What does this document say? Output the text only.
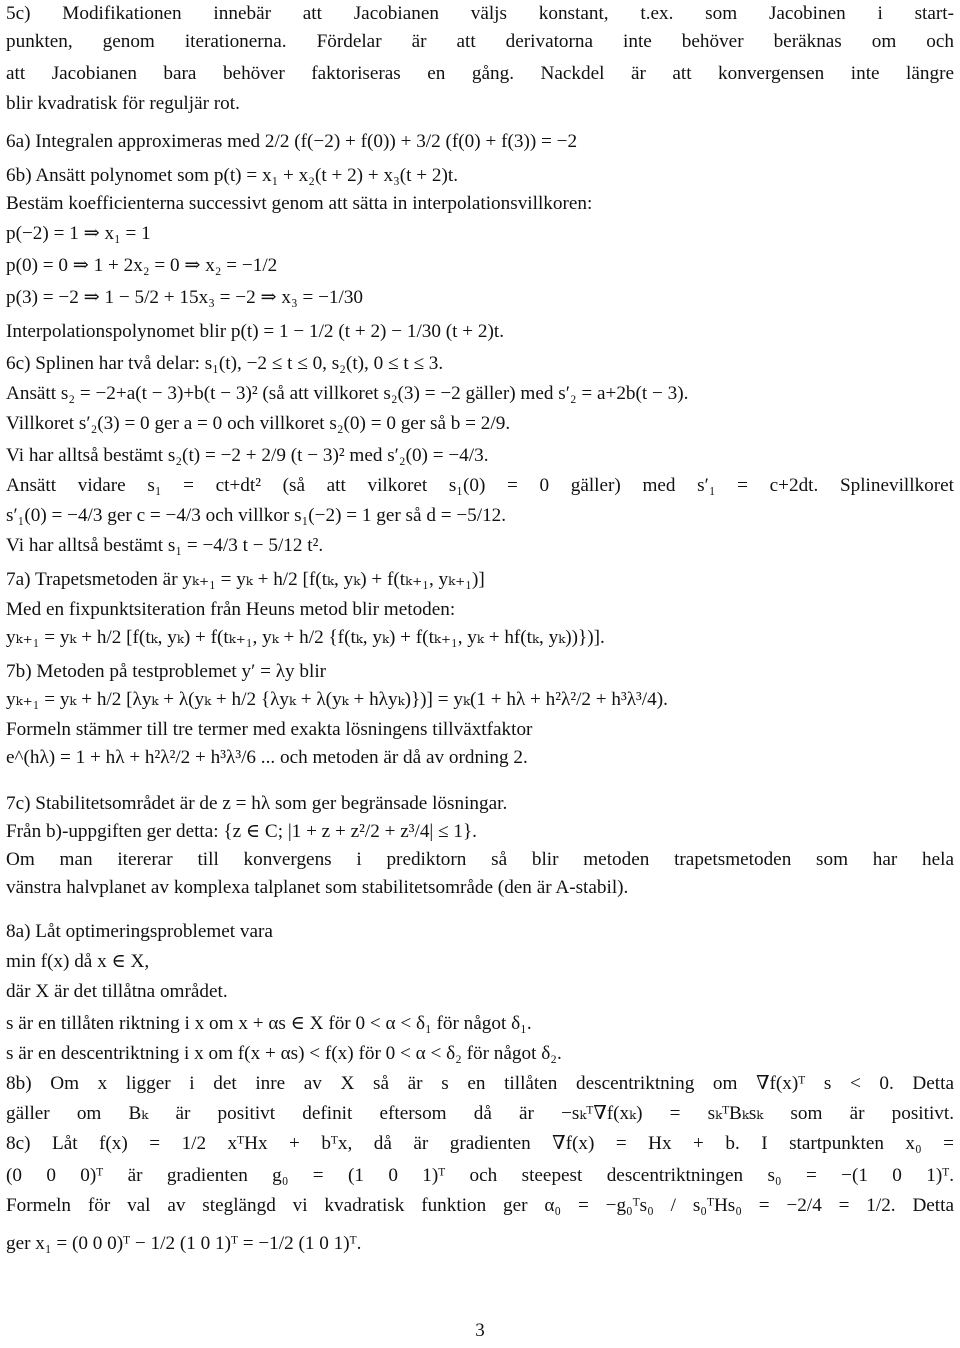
5c) Modifikationen innebär att Jacobianen väljs konstant, t.ex. som Jacobinen i start-
punkten, genom iterationerna. Fördelar är att derivatorna inte behöver beräknas om och
att Jacobianen bara behöver faktoriseras en gång. Nackdel är att konvergensen inte längre
blir kvadratisk för reguljär rot.
6a) Integralen approximeras med 2/2 (f(−2) + f(0)) + 3/2 (f(0) + f(3)) = −2
6b) Ansätt polynomet som p(t) = x₁ + x₂(t + 2) + x₃(t + 2)t.
Bestäm koefficienterna successivt genom att sätta in interpolationsvillkoren:
p(−2) = 1 ⇒ x₁ = 1
p(0) = 0 ⇒ 1 + 2x₂ = 0 ⇒ x₂ = −1/2
p(3) = −2 ⇒ 1 − 5/2 + 15x₃ = −2 ⇒ x₃ = −1/30
Interpolationspolynomet blir p(t) = 1 − 1/2 (t + 2) − 1/30 (t + 2)t.
6c) Splinen har två delar: s₁(t), −2 ≤ t ≤ 0, s₂(t), 0 ≤ t ≤ 3.
Ansätt s₂ = −2+a(t − 3)+b(t − 3)² (så att villkoret s₂(3) = −2 gäller) med s′₂ = a+2b(t − 3).
Villkoret s′₂(3) = 0 ger a = 0 och villkoret s₂(0) = 0 ger så b = 2/9.
Vi har alltså bestämt s₂(t) = −2 + 2/9 (t − 3)² med s′₂(0) = −4/3.
Ansätt vidare s₁ = ct+dt² (så att vilkoret s₁(0) = 0 gäller) med s′₁ = c+2dt. Splinevillkoret
s′₁(0) = −4/3 ger c = −4/3 och villkor s₁(−2) = 1 ger så d = −5/12.
Vi har alltså bestämt s₁ = −4/3 t − 5/12 t².
7a) Trapetsmetoden är yₖ₊₁ = yₖ + h/2 [f(tₖ, yₖ) + f(tₖ₊₁, yₖ₊₁)]
Med en fixpunktsiteration från Heuns metod blir metoden:
yₖ₊₁ = yₖ + h/2 [f(tₖ, yₖ) + f(tₖ₊₁, yₖ + h/2 {f(tₖ, yₖ) + f(tₖ₊₁, yₖ + hf(tₖ, yₖ))})].
7b) Metoden på testproblemet y′ = λy blir
yₖ₊₁ = yₖ + h/2 [λyₖ + λ(yₖ + h/2 {λyₖ + λ(yₖ + hλyₖ)})] = yₖ(1 + hλ + h²λ²/2 + h³λ³/4).
Formeln stämmer till tre termer med exakta lösningens tillväxtfaktor
e^(hλ) = 1 + hλ + h²λ²/2 + h³λ³/6 ... och metoden är då av ordning 2.
7c) Stabilitetsområdet är de z = hλ som ger begränsade lösningar.
Från b)-uppgiften ger detta: {z ∈ C; |1 + z + z²/2 + z³/4| ≤ 1}.
Om man itererar till konvergens i prediktorn så blir metoden trapetsmetoden som har hela
vänstra halvplanet av komplexa talplanet som stabilitetsområde (den är A-stabil).
8a) Låt optimeringsproblemet vara
min f(x) då x ∈ X,
där X är det tillåtna området.
s är en tillåten riktning i x om x + αs ∈ X för 0 < α < δ₁ för något δ₁.
s är en descentriktning i x om f(x + αs) < f(x) för 0 < α < δ₂ för något δ₂.
8b) Om x ligger i det inre av X så är s en tillåten descentriktning om ∇f(x)ᵀ s < 0. Detta
gäller om Bₖ är positivt definit eftersom då är −sₖᵀ∇f(xₖ) = sₖᵀBₖsₖ som är positivt.
8c) Låt f(x) = 1/2 xᵀHx + bᵀx, då är gradienten ∇f(x) = Hx + b. I startpunkten x₀ =
(0 0 0)ᵀ är gradienten g₀ = (1 0 1)ᵀ och steepest descentriktningen s₀ = −(1 0 1)ᵀ.
Formeln för val av steglängd vi kvadratisk funktion ger α₀ = −g₀ᵀs₀ / s₀ᵀHs₀ = −2/4 = 1/2. Detta
ger x₁ = (0 0 0)ᵀ − 1/2 (1 0 1)ᵀ = −1/2 (1 0 1)ᵀ.
3
